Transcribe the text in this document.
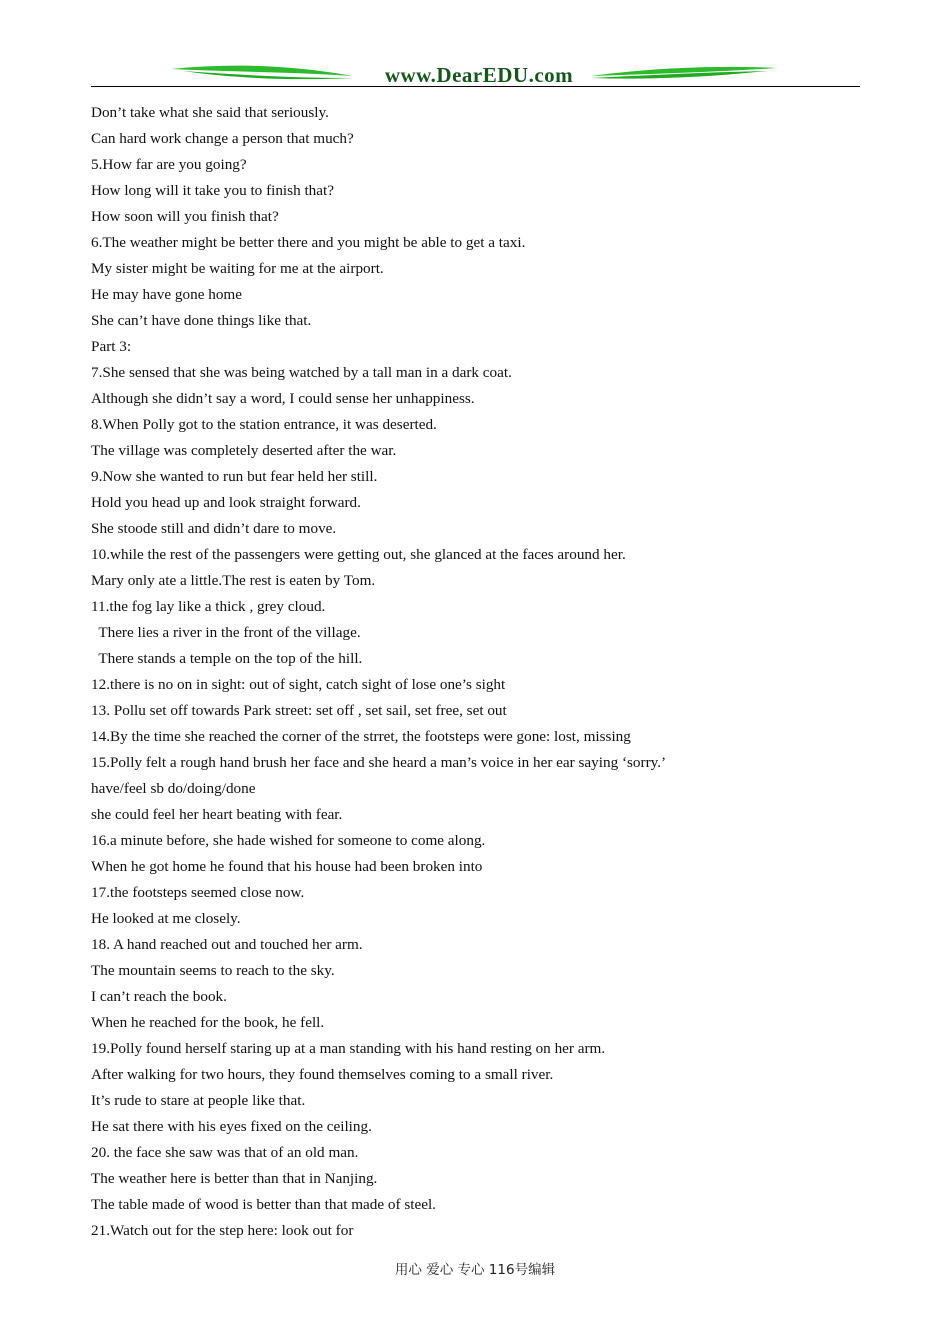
www.DearEDU.com
Don’t take what she said that seriously.
Can hard work change a person that much?
5.How far are you going?
How long will it take you to finish that?
How soon will you finish that?
6.The weather might be better there and you might be able to get a taxi.
My sister might be waiting for me at the airport.
He may have gone home
She can’t have done things like that.
Part 3:
7.She sensed that she was being watched by a tall man in a dark coat.
Although she didn’t say a word, I could sense her unhappiness.
8.When Polly got to the station entrance, it was deserted.
The village was completely deserted after the war.
9.Now she wanted to run but fear held her still.
Hold you head up and look straight forward.
She stoode still and didn’t dare to move.
10.while the rest of the passengers were getting out, she glanced at the faces around her.
Mary only ate a little.The rest is eaten by Tom.
11.the fog lay like a thick , grey cloud.
There lies a river in the front of the village.
There stands a temple on the top of the hill.
12.there is no on in sight: out of sight, catch sight of lose one’s sight
13. Pollu set off towards Park street: set off , set sail, set free, set out
14.By the time she reached the corner of the strret, the footsteps were gone: lost, missing
15.Polly felt a rough hand brush her face and she heard a man’s voice in her ear saying ‘sorry.’
have/feel sb do/doing/done
she could feel her heart beating with fear.
16.a minute before, she hade wished for someone to come along.
When he got home he found that his house had been broken into
17.the footsteps seemed close now.
He looked at me closely.
18. A hand reached out and touched her arm.
The mountain seems to reach to the sky.
I can’t reach the book.
When he reached for the book, he fell.
19.Polly found herself staring up at a man standing with his hand resting on her arm.
After walking for two hours, they found themselves coming to a small river.
It’s rude to stare at people like that.
He sat there with his eyes fixed on the ceiling.
20. the face she saw was that of an old man.
The weather here is better than that in Nanjing.
The table made of wood is better than that made of steel.
21.Watch out for the step here: look out for
用心 爱心 专心 116号编辑
